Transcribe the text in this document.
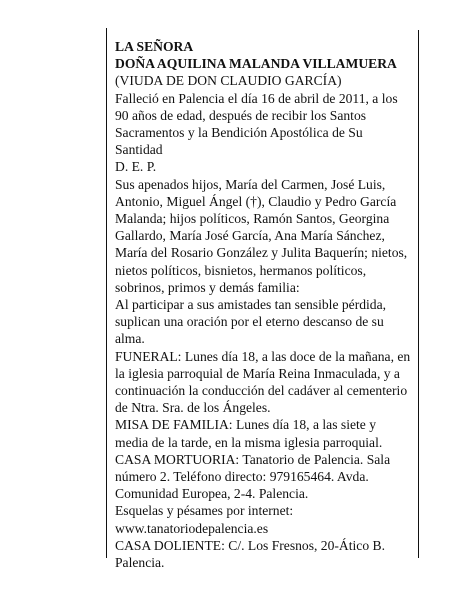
LA SEÑORA

DOÑA AQUILINA MALANDA VILLAMUERA

(VIUDA DE DON CLAUDIO GARCÍA)

Falleció en Palencia el día 16 de abril de 2011, a los 90 años de edad, después de recibir los Santos Sacramentos y la Bendición Apostólica de Su Santidad

D. E. P.

Sus apenados hijos, María del Carmen, José Luis, Antonio, Miguel Ángel (†), Claudio y Pedro García Malanda; hijos políticos, Ramón Santos, Georgina Gallardo, María José García, Ana María Sánchez, María del Rosario González y Julita Baquerín; nietos, nietos políticos, bisnietos, hermanos políticos, sobrinos, primos y demás familia:

Al participar a sus amistades tan sensible pérdida, suplican una oración por el eterno descanso de su alma.

FUNERAL: Lunes día 18, a las doce de la mañana, en la iglesia parroquial de María Reina Inmaculada, y a continuación la conducción del cadáver al cementerio de Ntra. Sra. de los Ángeles.

MISA DE FAMILIA: Lunes día 18, a las siete y media de la tarde, en la misma iglesia parroquial.

CASA MORTUORIA: Tanatorio de Palencia. Sala número 2. Teléfono directo: 979165464. Avda. Comunidad Europea, 2-4. Palencia.

Esquelas y pésames por internet:

www.tanatoriodepalencia.es

CASA DOLIENTE: C/. Los Fresnos, 20-Ático B. Palencia.
